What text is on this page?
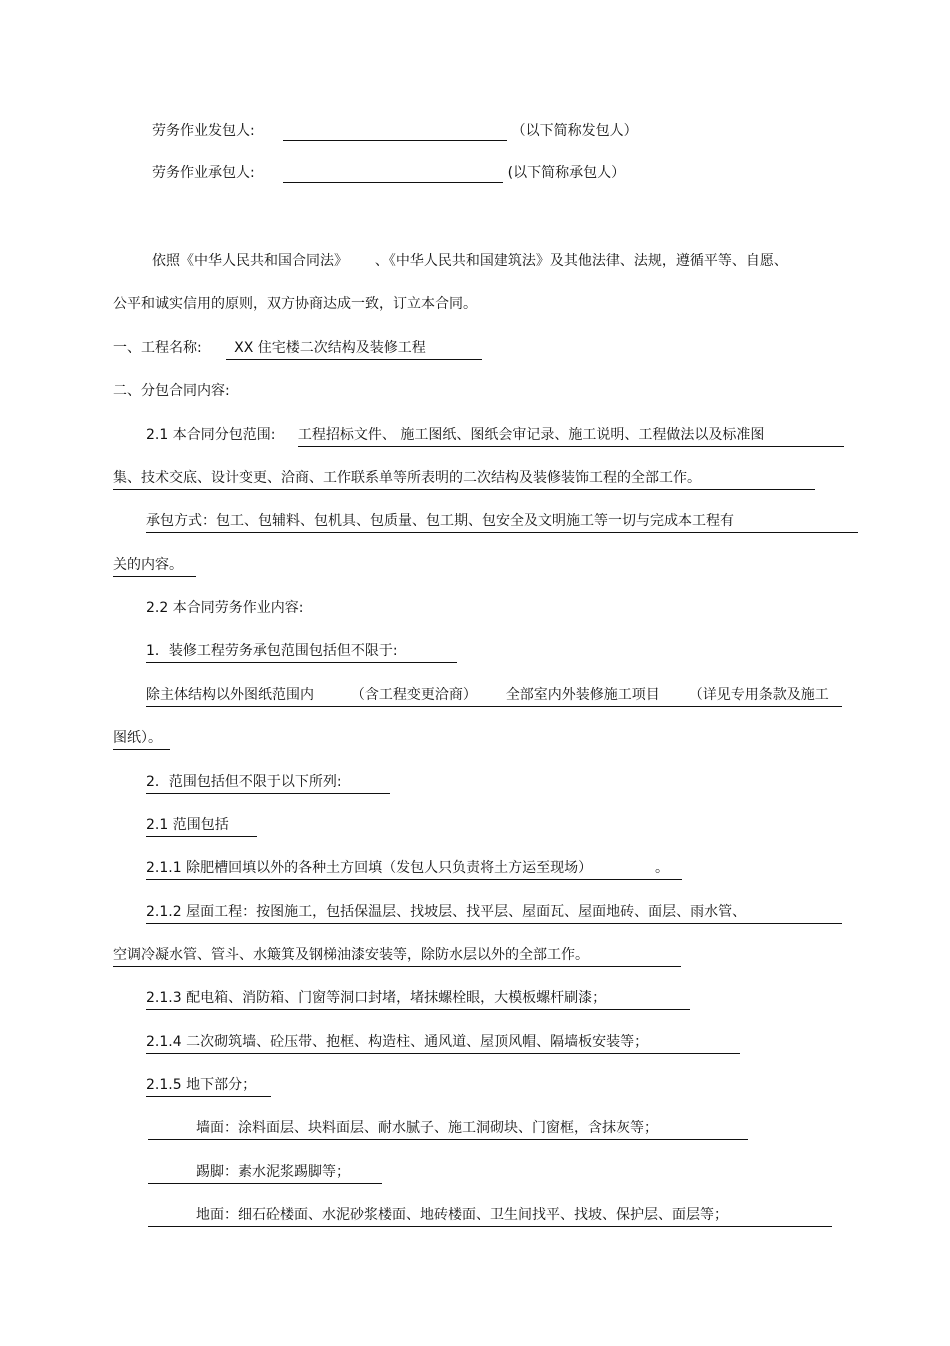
劳务作业发包人:	（以下简称发包人）
劳务作业承包人:	(以下简称承包人）
依照《中华人民共和国合同法》 、《中华人民共和国建筑法》及其他法律、法规，遵循平等、自愿、
公平和诚实信用的原则，双方协商达成一致，订立本合同。
一、工程名称: XX 住宅楼二次结构及装修工程
二、分包合同内容:
2.1 本合同分包范围: 工程招标文件、 施工图纸、图纸会审记录、施工说明、工程做法以及标准图
集、技术交底、设计变更、洽商、工作联系单等所表明的二次结构及装修装饰工程的全部工作。
承包方式：包工、包辅料、包机具、包质量、包工期、包安全及文明施工等一切与完成本工程有
关的内容。
2.2 本合同劳务作业内容:
1．装修工程劳务承包范围包括但不限于:
除主体结构以外图纸范围内	（含工程变更洽商） 全部室内外装修施工项目 （详见专用条款及施工
图纸）。
2．范围包括但不限于以下所列:
2.1 范围包括
2.1.1 除肥槽回填以外的各种土方回填（发包人只负责将土方运至现场）	。
2.1.2 屋面工程：按图施工，包括保温层、找坡层、找平层、屋面瓦、屋面地砖、面层、雨水管、
空调冷凝水管、管斗、水簸箕及钢梯油漆安装等，除防水层以外的全部工作。
2.1.3 配电箱、消防箱、门窗等洞口封堵，堵抹螺栓眼，大模板螺杆刷漆；
2.1.4 二次砌筑墙、砼压带、抱框、构造柱、通风道、屋顶风帽、隔墙板安装等；
2.1.5 地下部分；
墙面：涂料面层、块料面层、耐水腻子、施工洞砌块、门窗框，含抹灰等；
踢脚：素水泥浆踢脚等；
地面：细石砼楼面、水泥砂浆楼面、地砖楼面、卫生间找平、找坡、保护层、面层等；
